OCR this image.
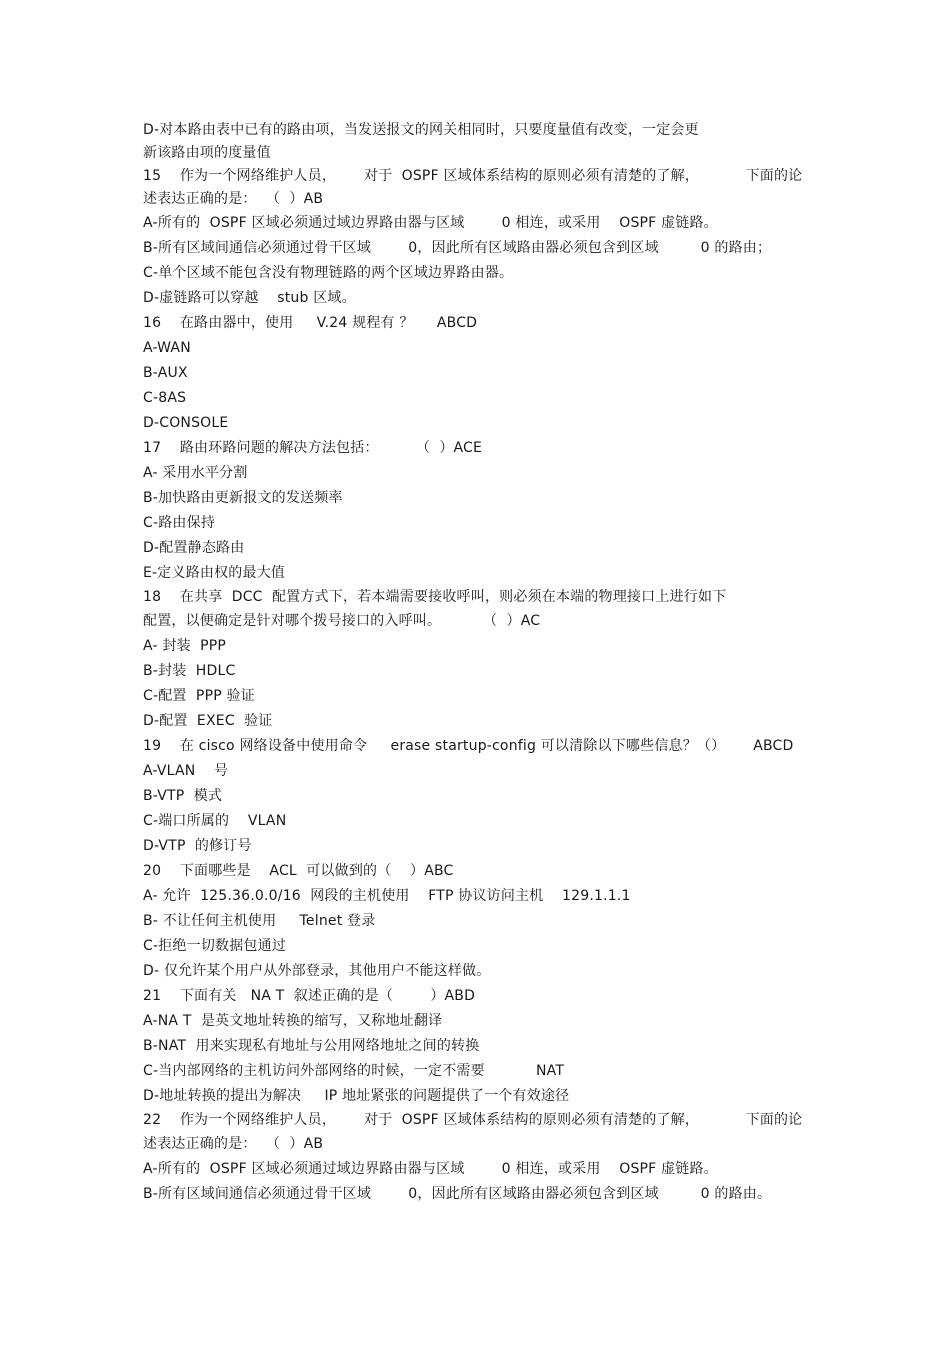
D-对本路由表中已有的路由项，当发送报文的网关相同时，只要度量值有改变，一定会更
新该路由项的度量值
15    作为一个网络维护人员，      对于  OSPF 区域体系结构的原则必须有清楚的了解，          下面的论
述表达正确的是：  （  ）AB
A-所有的  OSPF 区域必须通过域边界路由器与区域        0 相连，或采用    OSPF 虚链路。
B-所有区域间通信必须通过骨干区域        0，因此所有区域路由器必须包含到区域         0 的路由；
C-单个区域不能包含没有物理链路的两个区域边界路由器。
D-虚链路可以穿越    stub 区域。
16    在路由器中，使用     V.24 规程有 ？     ABCD
A-WAN
B-AUX
C-8AS
D-CONSOLE
17    路由环路问题的解决方法包括：        （  ）ACE
A- 采用水平分割
B-加快路由更新报文的发送频率
C-路由保持
D-配置静态路由
E-定义路由权的最大值
18    在共享  DCC  配置方式下，若本端需要接收呼叫，则必须在本端的物理接口上进行如下
配置，以便确定是针对哪个拨号接口的入呼叫。         （  ）AC
A- 封装  PPP
B-封装  HDLC
C-配置  PPP 验证
D-配置  EXEC  验证
19    在 cisco 网络设备中使用命令     erase startup-config 可以清除以下哪些信息？（）      ABCD
A-VLAN    号
B-VTP  模式
C-端口所属的    VLAN
D-VTP  的修订号
20    下面哪些是    ACL  可以做到的（    ）ABC
A- 允许  125.36.0.0/16  网段的主机使用    FTP 协议访问主机    129.1.1.1
B- 不让任何主机使用     Telnet 登录
C-拒绝一切数据包通过
D- 仅允许某个用户从外部登录，其他用户不能这样做。
21    下面有关   NA T  叙述正确的是（        ）ABD
A-NA T  是英文地址转换的缩写，又称地址翻译
B-NAT  用来实现私有地址与公用网络地址之间的转换
C-当内部网络的主机访问外部网络的时候，一定不需要           NAT
D-地址转换的提出为解决     IP 地址紧张的问题提供了一个有效途径
22    作为一个网络维护人员，      对于  OSPF 区域体系结构的原则必须有清楚的了解，          下面的论
述表达正确的是：  （  ）AB
A-所有的  OSPF 区域必须通过域边界路由器与区域        0 相连，或采用    OSPF 虚链路。
B-所有区域间通信必须通过骨干区域        0，因此所有区域路由器必须包含到区域         0 的路由。
